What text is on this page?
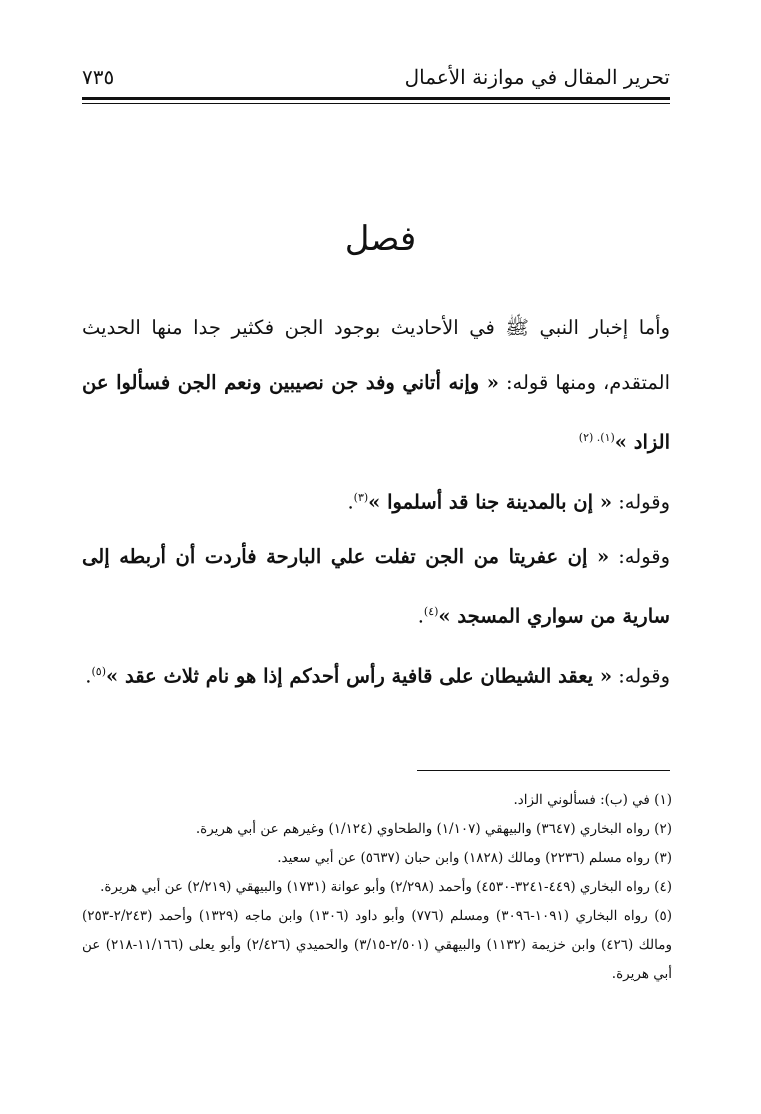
تحرير المقال في موازنة الأعمال
٧٣٥
فصل

وأما إخبار النبي ﷺ في الأحاديث بوجود الجن فكثير جدا منها الحديث المتقدم، ومنها قوله: « وإنه أتاني وفد جن نصيبين ونعم الجن فسألوا عن الزاد »$^{(١). (٢)}$

وقوله: « إن بالمدينة جنا قد أسلموا »$^{(٣)}$.

وقوله: « إن عفريتا من الجن تفلت علي البارحة فأردت أن أربطه إلى سارية من سواري المسجد »$^{(٤)}$.

وقوله: « يعقد الشيطان على قافية رأس أحدكم إذا هو نام ثلاث عقد »$^{(٥)}$.

(١) في (ب): فسألوني الزاد.

(٢) رواه البخاري (٣٦٤٧) والبيهقي (١/١٠٧) والطحاوي (١/١٢٤) وغيرهم عن أبي هريرة.

(٣) رواه مسلم (٢٢٣٦) ومالك (١٨٢٨) وابن حبان (٥٦٣٧) عن أبي سعيد.

(٤) رواه البخاري (٤٤٩-٣٢٤١-٤٥٣٠) وأحمد (٢/٢٩٨) وأبو عوانة (١٧٣١) والبيهقي (٢/٢١٩) عن أبي هريرة.

(٥) رواه البخاري (١٠٩١-٣٠٩٦) ومسلم (٧٧٦) وأبو داود (١٣٠٦) وابن ماجه (١٣٢٩) وأحمد (٢/٢٤٣-٢٥٣) ومالك (٤٢٦) وابن خزيمة (١١٣٢) والبيهقي (٢/٥٠١-٣/١٥) والحميدي (٢/٤٢٦) وأبو يعلى (١١/١٦٦-٢١٨) عن أبي هريرة.
